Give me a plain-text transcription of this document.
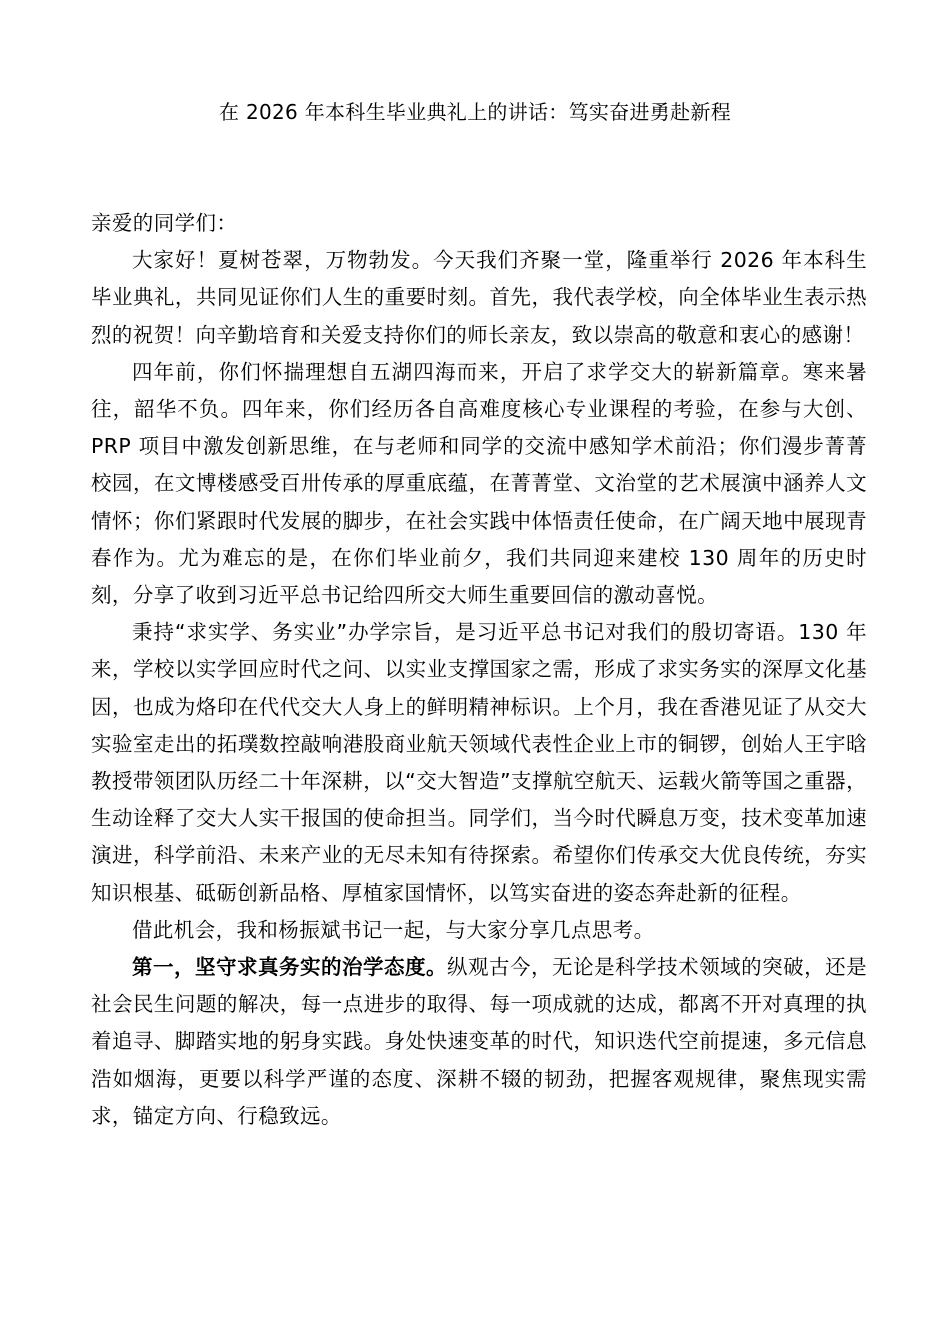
在 2026 年本科生毕业典礼上的讲话：笃实奋进勇赴新程

亲爱的同学们：

大家好！夏树苍翠，万物勃发。今天我们齐聚一堂，隆重举行 2026 年本科生毕业典礼，共同见证你们人生的重要时刻。首先，我代表学校，向全体毕业生表示热烈的祝贺！向辛勤培育和关爱支持你们的师长亲友，致以崇高的敬意和衷心的感谢！

四年前，你们怀揣理想自五湖四海而来，开启了求学交大的崭新篇章。寒来暑往，韶华不负。四年来，你们经历各自高难度核心专业课程的考验，在参与大创、PRP 项目中激发创新思维，在与老师和同学的交流中感知学术前沿；你们漫步菁菁校园，在文博楼感受百卅传承的厚重底蕴，在菁菁堂、文治堂的艺术展演中涵养人文情怀；你们紧跟时代发展的脚步，在社会实践中体悟责任使命，在广阔天地中展现青春作为。尤为难忘的是，在你们毕业前夕，我们共同迎来建校 130 周年的历史时刻，分享了收到习近平总书记给四所交大师生重要回信的激动喜悦。

秉持“求实学、务实业”办学宗旨，是习近平总书记对我们的殷切寄语。130 年来，学校以实学回应时代之问、以实业支撑国家之需，形成了求实务实的深厚文化基因，也成为烙印在代代交大人身上的鲜明精神标识。上个月，我在香港见证了从交大实验室走出的拓璞数控敲响港股商业航天领域代表性企业上市的铜锣，创始人王宇晗教授带领团队历经二十年深耕，以“交大智造”支撑航空航天、运载火箭等国之重器，生动诠释了交大人实干报国的使命担当。同学们，当今时代瞬息万变，技术变革加速演进，科学前沿、未来产业的无尽未知有待探索。希望你们传承交大优良传统，夯实知识根基、砥砺创新品格、厚植家国情怀，以笃实奋进的姿态奔赴新的征程。

借此机会，我和杨振斌书记一起，与大家分享几点思考。

第一，坚守求真务实的治学态度。纵观古今，无论是科学技术领域的突破，还是社会民生问题的解决，每一点进步的取得、每一项成就的达成，都离不开对真理的执着追寻、脚踏实地的躬身实践。身处快速变革的时代，知识迭代空前提速，多元信息浩如烟海，更要以科学严谨的态度、深耕不辍的韧劲，把握客观规律，聚焦现实需求，锚定方向、行稳致远。
